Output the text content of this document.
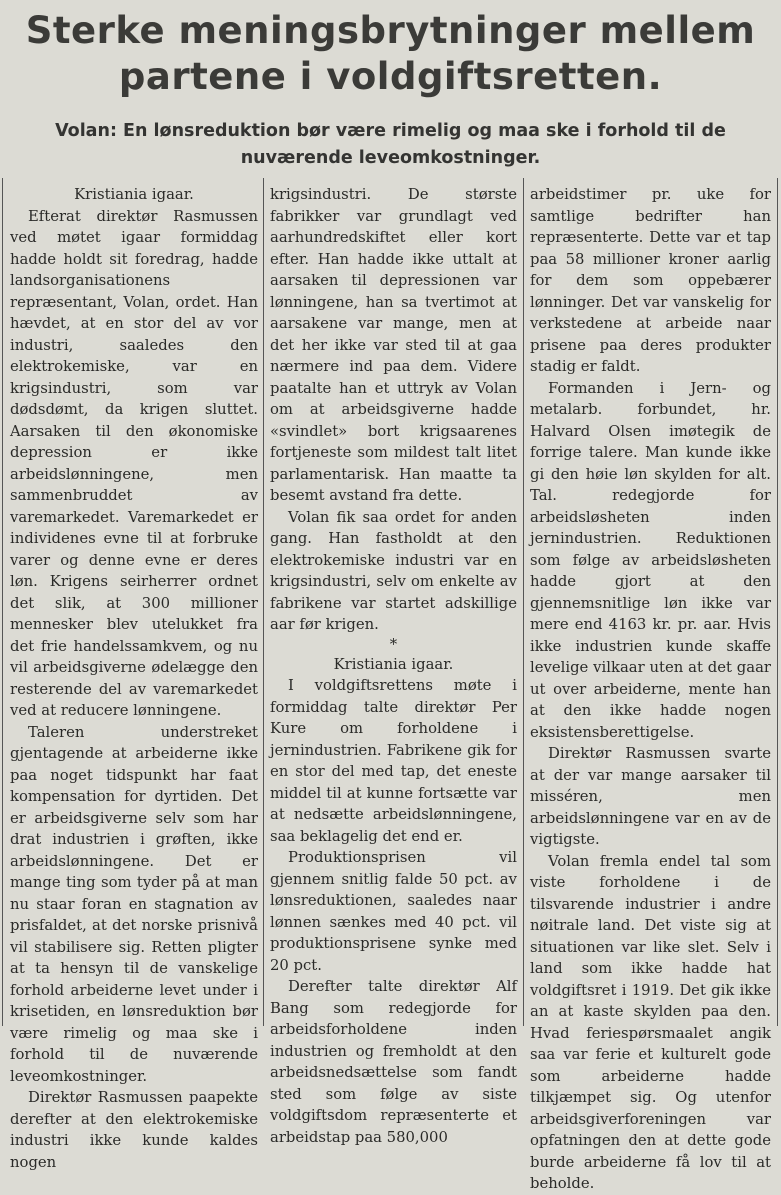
Sterke meningsbrytninger mellem
partene i voldgiftsretten.
Volan: En lønsreduktion bør være rimelig og maa ske i forhold til de
nuværende leveomkostninger.

Kristiania igaar.

Efterat direktør Rasmussen ved møtet igaar formiddag hadde holdt sit foredrag, hadde landsorganisationens repræsentant, Volan, ordet. Han hævdet, at en stor del av vor industri, saaledes den elektrokemiske, var en krigsindustri, som var dødsdømt, da krigen sluttet. Aarsaken til den økonomiske depression er ikke arbeidslønningene, men sammenbruddet av varemarkedet. Varemarkedet er individenes evne til at forbruke varer og denne evne er deres løn. Krigens seirherrer ordnet det slik, at 300 millioner mennesker blev utelukket fra det frie handelssamkvem, og nu vil arbeidsgiverne ødelægge den resterende del av varemarkedet ved at reducere lønningene.

Taleren understreket gjentagende at arbeiderne ikke paa noget tidspunkt har faat kompensation for dyrtiden. Det er arbeidsgiverne selv som har drat industrien i grøften, ikke arbeidslønningene. Det er mange ting som tyder på at man nu staar foran en stagnation av prisfaldet, at det norske prisnivå vil stabilisere sig. Retten pligter at ta hensyn til de vanskelige forhold arbeiderne levet under i krisetiden, en lønsreduktion bør være rimelig og maa ske i forhold til de nuværende leveomkostninger.

Direktør Rasmussen paapekte derefter at den elektrokemiske industri ikke kunde kaldes nogen

krigsindustri. De største fabrikker var grundlagt ved aarhundredskiftet eller kort efter. Han hadde ikke uttalt at aarsaken til depressionen var lønningene, han sa tvertimot at aarsakene var mange, men at det her ikke var sted til at gaa nærmere ind paa dem. Videre paatalte han et uttryk av Volan om at arbeidsgiverne hadde «svindlet» bort krigsaarenes fortjeneste som mildest talt litet parlamentarisk. Han maatte ta besemt avstand fra dette.

Volan fik saa ordet for anden gang. Han fastholdt at den elektrokemiske industri var en krigsindustri, selv om enkelte av fabrikene var startet adskillige aar før krigen.

*

Kristiania igaar.

I voldgiftsrettens møte i formiddag talte direktør Per Kure om forholdene i jernindustrien. Fabrikene gik for en stor del med tap, det eneste middel til at kunne fortsætte var at nedsætte arbeidslønningene, saa beklagelig det end er.

Produktionsprisen vil gjennem snitlig falde 50 pct. av lønsreduktionen, saaledes naar lønnen sænkes med 40 pct. vil produktionsprisene synke med 20 pct.

Derefter talte direktør Alf Bang som redegjorde for arbeidsforholdene inden industrien og fremholdt at den arbeidsnedsættelse som fandt sted som følge av siste voldgiftsdom repræsenterte et arbeidstap paa 580,000

arbeidstimer pr. uke for samtlige bedrifter han repræsenterte. Dette var et tap paa 58 millioner kroner aarlig for dem som oppebærer lønninger. Det var vanskelig for verkstedene at arbeide naar prisene paa deres produkter stadig er faldt.

Formanden i Jern- og metalarb. forbundet, hr. Halvard Olsen imøtegik de forrige talere. Man kunde ikke gi den høie løn skylden for alt. Tal. redegjorde for arbeidsløsheten inden jernindustrien. Reduktionen som følge av arbeidsløsheten hadde gjort at den gjennemsnitlige løn ikke var mere end 4163 kr. pr. aar. Hvis ikke industrien kunde skaffe levelige vilkaar uten at det gaar ut over arbeiderne, mente han at den ikke hadde nogen eksistensberettigelse.

Direktør Rasmussen svarte at der var mange aarsaker til misséren, men arbeidslønningene var en av de vigtigste.

Volan fremla endel tal som viste forholdene i de tilsvarende industrier i andre nøitrale land. Det viste sig at situationen var like slet. Selv i land som ikke hadde hat voldgiftsret i 1919. Det gik ikke an at kaste skylden paa den. Hvad feriespørsmaalet angik saa var ferie et kulturelt gode som arbeiderne hadde tilkjæmpet sig. Og utenfor arbeidsgiverforeningen var opfatningen den at dette gode burde arbeiderne få lov til at beholde.
